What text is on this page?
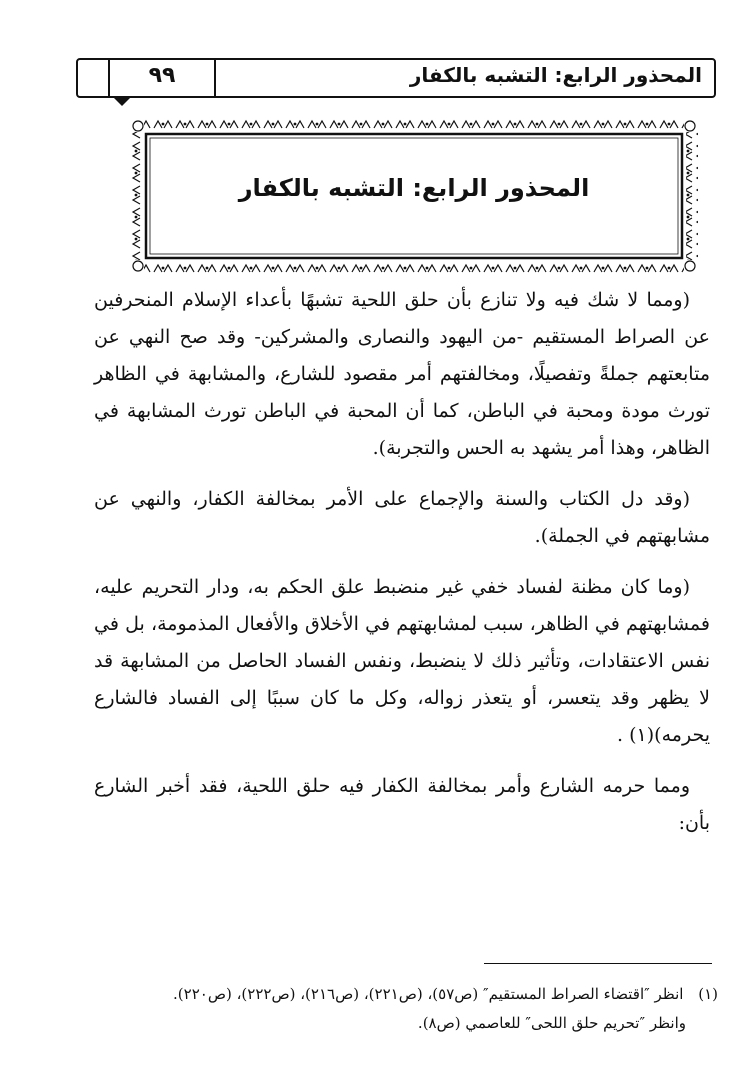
المحذور الرابع: التشبه بالكفار
٩٩
المحذور الرابع: التشبه بالكفار

(ومما لا شك فيه ولا تنازع بأن حلق اللحية تشبهًا بأعداء الإسلام المنحرفين عن الصراط المستقيم -من اليهود والنصارى والمشركين- وقد صح النهي عن متابعتهم جملةً وتفصيلًا، ومخالفتهم أمر مقصود للشارع، والمشابهة في الظاهر تورث مودة ومحبة في الباطن، كما أن المحبة في الباطن تورث المشابهة في الظاهر، وهذا أمر يشهد به الحس والتجربة).

(وقد دل الكتاب والسنة والإجماع على الأمر بمخالفة الكفار، والنهي عن مشابهتهم في الجملة).

(وما كان مظنة لفساد خفي غير منضبط علق الحكم به، ودار التحريم عليه، فمشابهتهم في الظاهر، سبب لمشابهتهم في الأخلاق والأفعال المذمومة، بل في نفس الاعتقادات، وتأثير ذلك لا ينضبط، ونفس الفساد الحاصل من المشابهة قد لا يظهر وقد يتعسر، أو يتعذر زواله، وكل ما كان سببًا إلى الفساد فالشارع يحرمه)(١) .

ومما حرمه الشارع وأمر بمخالفة الكفار فيه حلق اللحية، فقد أخبر الشارع بأن:

(١) انظر ″اقتضاء الصراط المستقيم″ (ص٥٧)، (ص٢٢١)، (ص٢١٦)، (ص٢٢٢)، (ص٢٢٠).

وانظر ″تحريم حلق اللحى″ للعاصمي (ص٨).
